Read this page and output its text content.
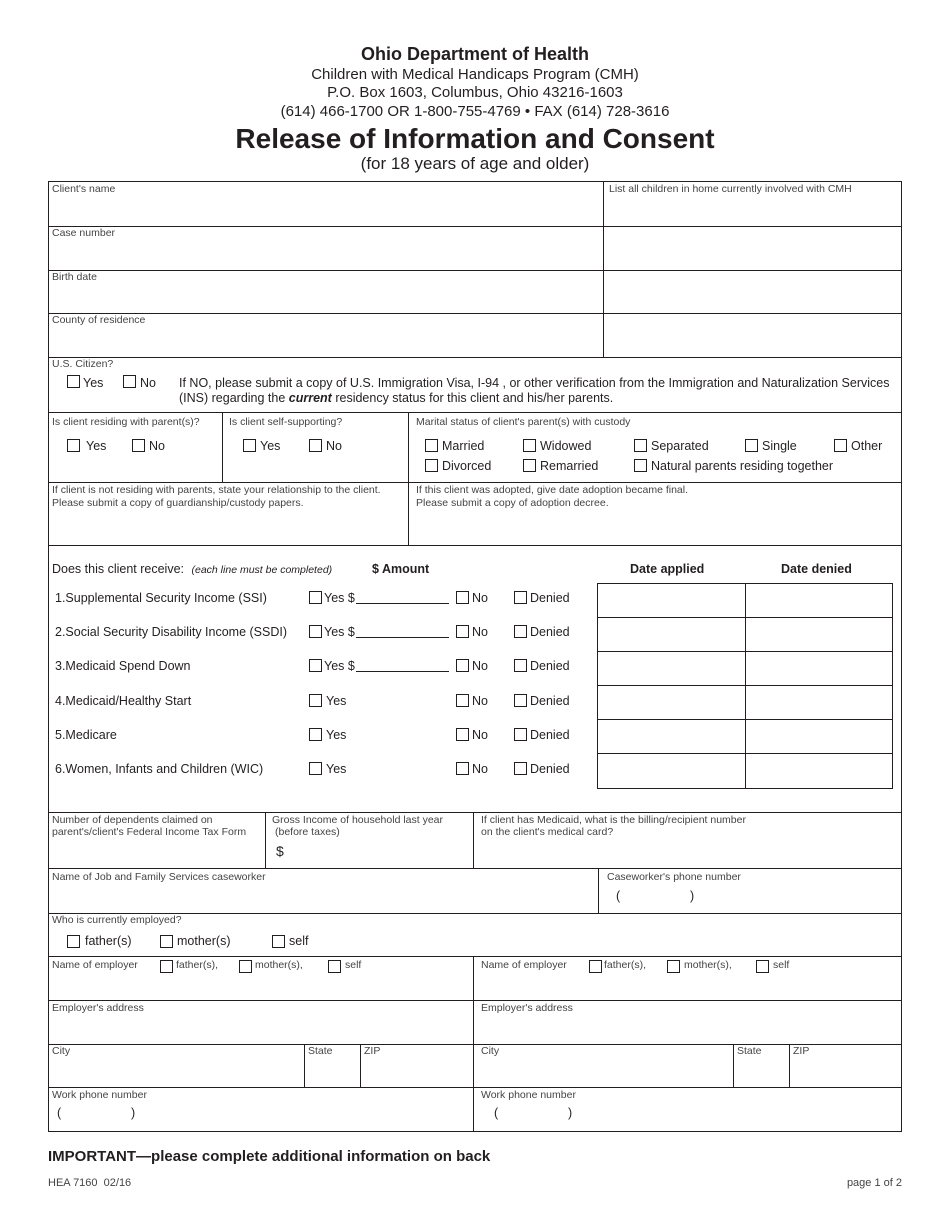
Ohio Department of Health
Children with Medical Handicaps Program (CMH)
P.O. Box 1603, Columbus, Ohio 43216-1603
(614) 466-1700 OR 1-800-755-4769 • FAX (614) 728-3616
Release of Information and Consent
(for 18 years of age and older)
Client's name
Case number
Birth date
County of residence
List all children in home currently involved with CMH
U.S. Citizen?
Yes	No If NO, please submit a copy of U.S. Immigration Visa, I-94 , or other verification from the Immigration and Naturalization Services
(INS) regarding the current residency status for this client and his/her parents.
Is client residing with parent(s)?
Yes	No
Is client self-supporting?
Yes	No
Marital status of client's parent(s) with custody
Married	Widowed	Separated	Single	Other
Divorced	Remarried	Natural parents residing together
If client is not residing with parents, state your relationship to the client.
Please submit a copy of guardianship/custody papers.
If this client was adopted, give date adoption became final.
Please submit a copy of adoption decree.
Does this client receive: (each line must be completed)	$ Amount	Date applied	Date denied
1.Supplemental Security Income (SSI)	Yes $	No	Denied
2.Social Security Disability Income (SSDI)	Yes $	No	Denied
3.Medicaid Spend Down	Yes $	No	Denied
4.Medicaid/Healthy Start	Yes	No	Denied
5.Medicare	Yes	No	Denied
6.Women, Infants and Children (WIC)	Yes	No	Denied
Number of dependents claimed on
parent's/client's Federal Income Tax Form
Gross Income of household last year
(before taxes)
$
If client has Medicaid, what is the billing/recipient number
on the client's medical card?
Name of Job and Family Services caseworker	Caseworker's phone number
(	)
Who is currently employed?
father(s)	mother(s)	self
Name of employer	father(s),	mother(s),	self
Employer's address
City	State	ZIP
Work phone number
(	)
Name of employer	father(s),	mother(s),	self
Employer's address
City	State	ZIP
Work phone number
(	)
IMPORTANT—please complete additional information on back
HEA 7160  02/16	page 1 of 2
